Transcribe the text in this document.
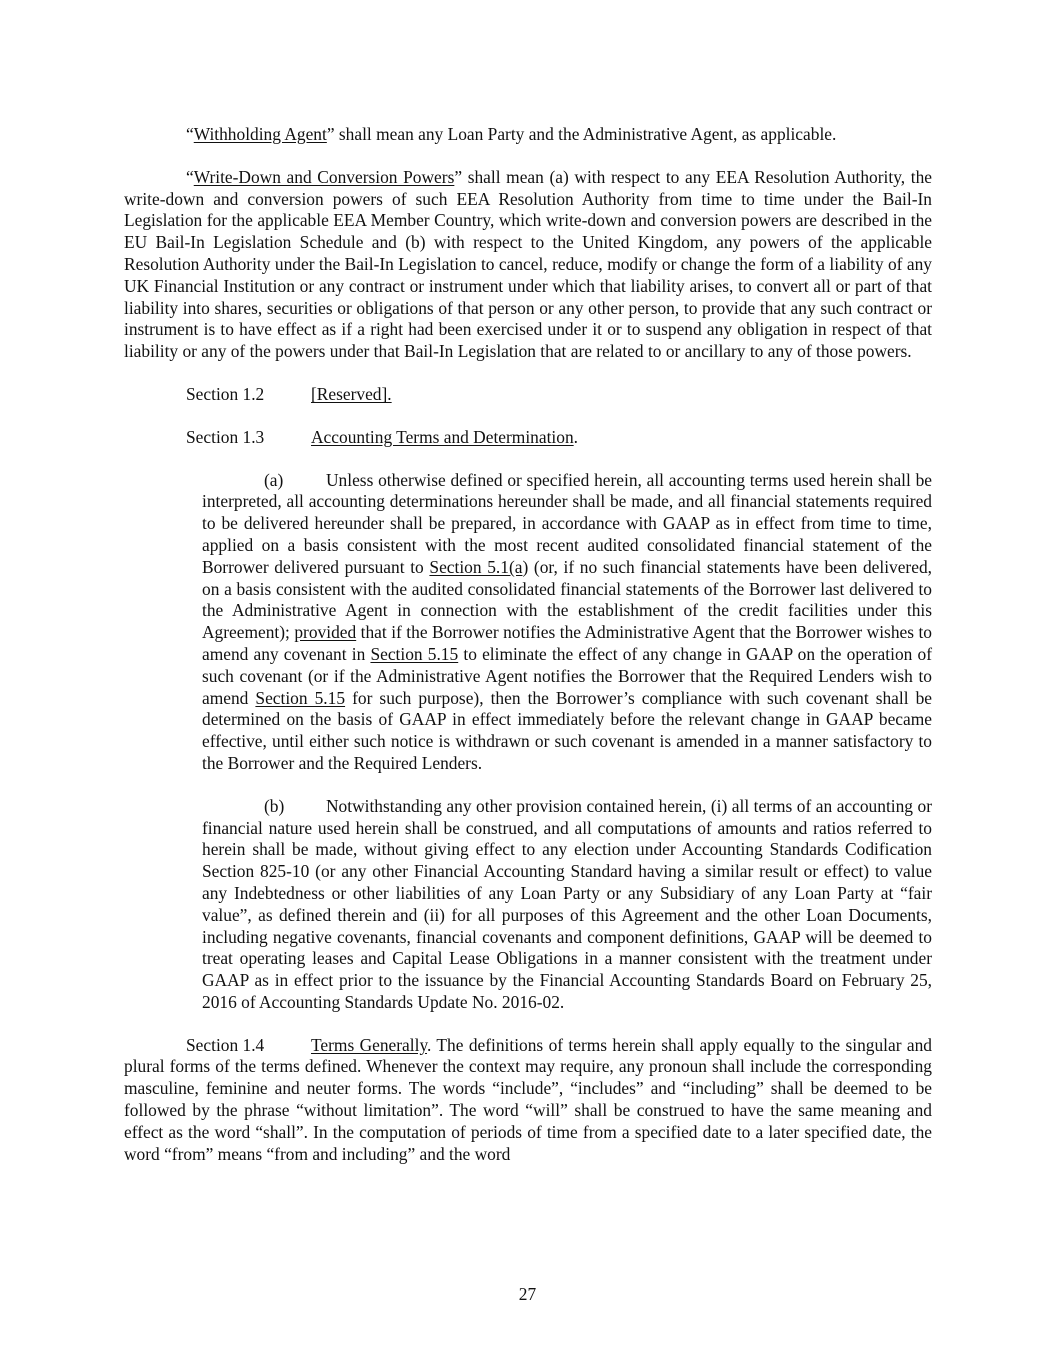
“Withholding Agent” shall mean any Loan Party and the Administrative Agent, as applicable.

“Write-Down and Conversion Powers” shall mean (a) with respect to any EEA Resolution Authority, the write-down and conversion powers of such EEA Resolution Authority from time to time under the Bail-In Legislation for the applicable EEA Member Country, which write-down and conversion powers are described in the EU Bail-In Legislation Schedule and (b) with respect to the United Kingdom, any powers of the applicable Resolution Authority under the Bail-In Legislation to cancel, reduce, modify or change the form of a liability of any UK Financial Institution or any contract or instrument under which that liability arises, to convert all or part of that liability into shares, securities or obligations of that person or any other person, to provide that any such contract or instrument is to have effect as if a right had been exercised under it or to suspend any obligation in respect of that liability or any of the powers under that Bail-In Legislation that are related to or ancillary to any of those powers.

Section 1.2	[Reserved].

Section 1.3	Accounting Terms and Determination.

(a) Unless otherwise defined or specified herein, all accounting terms used herein shall be interpreted, all accounting determinations hereunder shall be made, and all financial statements required to be delivered hereunder shall be prepared, in accordance with GAAP as in effect from time to time, applied on a basis consistent with the most recent audited consolidated financial statement of the Borrower delivered pursuant to Section 5.1(a) (or, if no such financial statements have been delivered, on a basis consistent with the audited consolidated financial statements of the Borrower last delivered to the Administrative Agent in connection with the establishment of the credit facilities under this Agreement); provided that if the Borrower notifies the Administrative Agent that the Borrower wishes to amend any covenant in Section 5.15 to eliminate the effect of any change in GAAP on the operation of such covenant (or if the Administrative Agent notifies the Borrower that the Required Lenders wish to amend Section 5.15 for such purpose), then the Borrower’s compliance with such covenant shall be determined on the basis of GAAP in effect immediately before the relevant change in GAAP became effective, until either such notice is withdrawn or such covenant is amended in a manner satisfactory to the Borrower and the Required Lenders.

(b) Notwithstanding any other provision contained herein, (i) all terms of an accounting or financial nature used herein shall be construed, and all computations of amounts and ratios referred to herein shall be made, without giving effect to any election under Accounting Standards Codification Section 825-10 (or any other Financial Accounting Standard having a similar result or effect) to value any Indebtedness or other liabilities of any Loan Party or any Subsidiary of any Loan Party at “fair value”, as defined therein and (ii) for all purposes of this Agreement and the other Loan Documents, including negative covenants, financial covenants and component definitions, GAAP will be deemed to treat operating leases and Capital Lease Obligations in a manner consistent with the treatment under GAAP as in effect prior to the issuance by the Financial Accounting Standards Board on February 25, 2016 of Accounting Standards Update No. 2016-02.

Section 1.4	Terms Generally. The definitions of terms herein shall apply equally to the singular and plural forms of the terms defined. Whenever the context may require, any pronoun shall include the corresponding masculine, feminine and neuter forms. The words “include”, “includes” and “including” shall be deemed to be followed by the phrase “without limitation”. The word “will” shall be construed to have the same meaning and effect as the word “shall”. In the computation of periods of time from a specified date to a later specified date, the word “from” means “from and including” and the word

27
